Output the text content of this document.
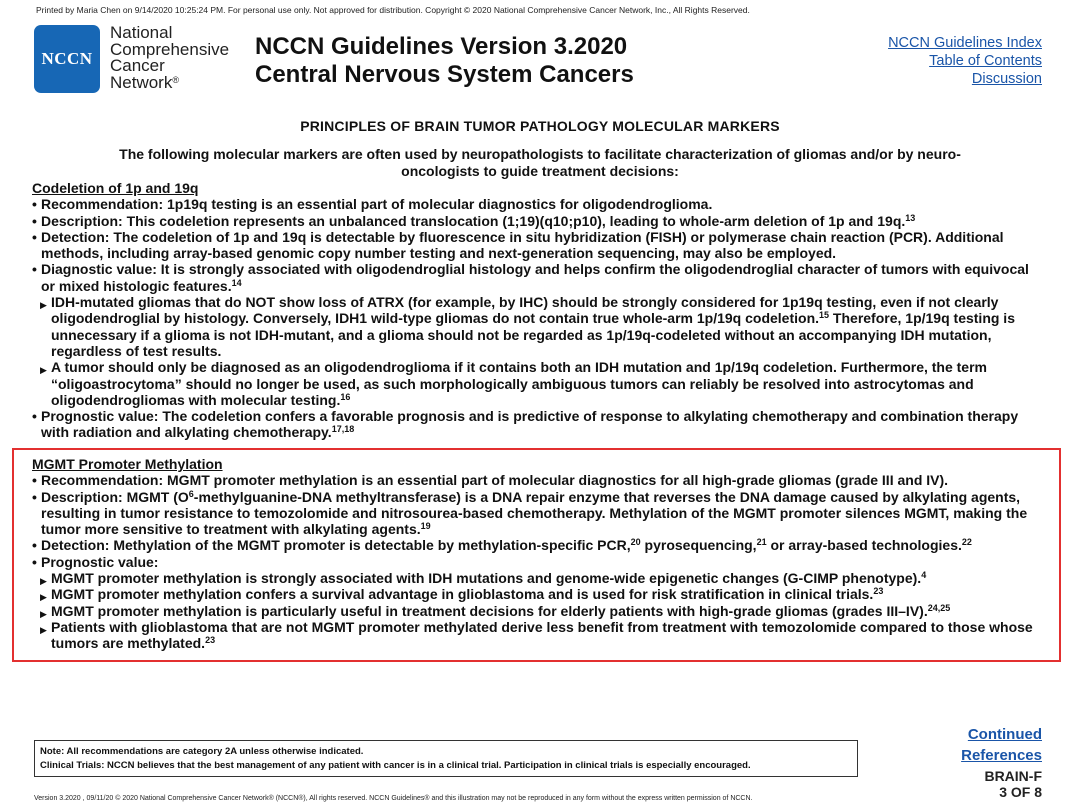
Printed by Maria Chen on 9/14/2020 10:25:24 PM. For personal use only. Not approved for distribution. Copyright © 2020 National Comprehensive Cancer Network, Inc., All Rights Reserved.
NCCN
National
Comprehensive
Cancer
Network®
NCCN Guidelines Version 3.2020
Central Nervous System Cancers
NCCN Guidelines Index
Table of Contents
Discussion
PRINCIPLES OF BRAIN TUMOR PATHOLOGY MOLECULAR MARKERS
The following molecular markers are often used by neuropathologists to facilitate characterization of gliomas and/or by neuro-oncologists to guide treatment decisions:
Codeletion of 1p and 19q
• Recommendation: 1p19q testing is an essential part of molecular diagnostics for oligodendroglioma.
• Description: This codeletion represents an unbalanced translocation (1;19)(q10;p10), leading to whole-arm deletion of 1p and 19q.$^{13}$
• Detection: The codeletion of 1p and 19q is detectable by fluorescence in situ hybridization (FISH) or polymerase chain reaction (PCR). Additional methods, including array-based genomic copy number testing and next-generation sequencing, may also be employed.
• Diagnostic value: It is strongly associated with oligodendroglial histology and helps confirm the oligodendroglial character of tumors with equivocal or mixed histologic features.$^{14}$
▶ IDH-mutated gliomas that do NOT show loss of ATRX (for example, by IHC) should be strongly considered for 1p19q testing, even if not clearly oligodendroglial by histology. Conversely, IDH1 wild-type gliomas do not contain true whole-arm 1p/19q codeletion.$^{15}$ Therefore, 1p/19q testing is unnecessary if a glioma is not IDH-mutant, and a glioma should not be regarded as 1p/19q-codeleted without an accompanying IDH mutation, regardless of test results.
▶ A tumor should only be diagnosed as an oligodendroglioma if it contains both an IDH mutation and 1p/19q codeletion. Furthermore, the term “oligoastrocytoma” should no longer be used, as such morphologically ambiguous tumors can reliably be resolved into astrocytomas and oligodendrogliomas with molecular testing.$^{16}$
• Prognostic value: The codeletion confers a favorable prognosis and is predictive of response to alkylating chemotherapy and combination therapy with radiation and alkylating chemotherapy.$^{17,18}$
MGMT Promoter Methylation
• Recommendation: MGMT promoter methylation is an essential part of molecular diagnostics for all high-grade gliomas (grade III and IV).
• Description: MGMT ($O^6-methylguanine$-DNA methyltransferase) is a DNA repair enzyme that reverses the DNA damage caused by alkylating agents, resulting in tumor resistance to temozolomide and nitrosourea-based chemotherapy. Methylation of the MGMT promoter silences MGMT, making the tumor more sensitive to treatment with alkylating agents.$^{19}$
• Detection: Methylation of the MGMT promoter is detectable by methylation-specific PCR,$^{20}$ pyrosequencing,$^{21}$ or array-based technologies.$^{22}$
• Prognostic value:
▶ MGMT promoter methylation is strongly associated with IDH mutations and genome-wide epigenetic changes (G-CIMP phenotype).$^4$
▶ MGMT promoter methylation confers a survival advantage in glioblastoma and is used for risk stratification in clinical trials.$^{23}$
▶ MGMT promoter methylation is particularly useful in treatment decisions for elderly patients with high-grade gliomas (grades III–IV).$^{24,25}$
▶ Patients with glioblastoma that are not MGMT promoter methylated derive less benefit from treatment with temozolomide compared to those whose tumors are methylated.$^{23}$
Continued
References
Note: All recommendations are category 2A unless otherwise indicated.
Clinical Trials: NCCN believes that the best management of any patient with cancer is in a clinical trial. Participation in clinical trials is especially encouraged.
BRAIN-F
3 OF 8
Version 3.2020 , 09/11/20 © 2020 National Comprehensive Cancer Network® (NCCN®), All rights reserved. NCCN Guidelines® and this illustration may not be reproduced in any form without the express written permission of NCCN.
